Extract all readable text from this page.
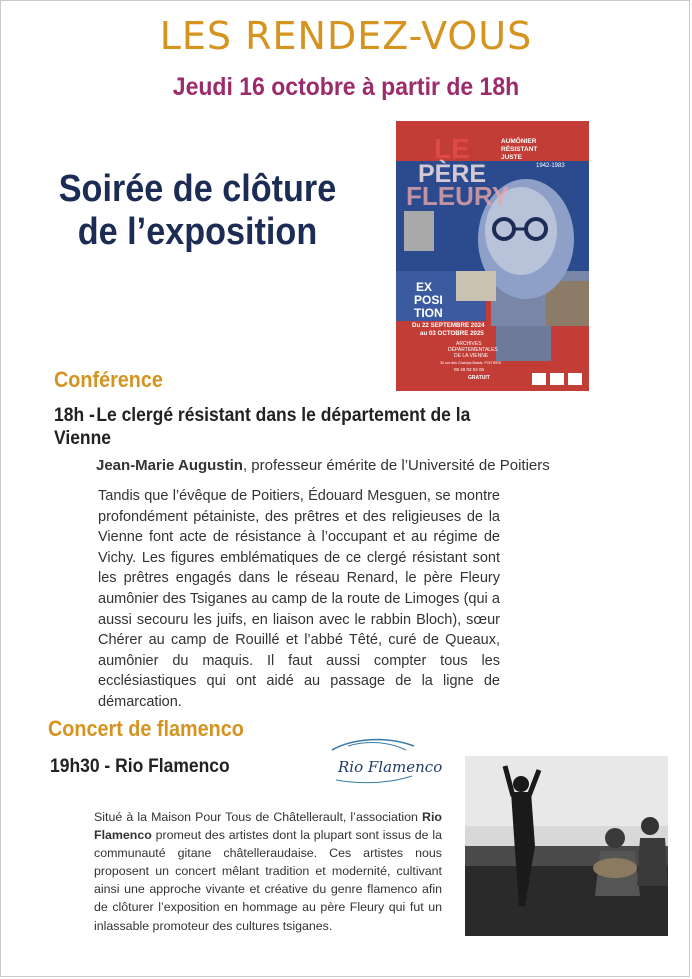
LES RENDEZ-VOUS
Jeudi 16 octobre à partir de 18h
Soirée de clôture
de l’exposition
LE
PÈRE
FLEURY
AUMÔNIER
RÉSISTANT
JUSTE
1942-1983
EX
POSI
TION
Du 22 SEPTEMBRE 2024
au 03 OCTOBRE 2025
ARCHIVES
DÉPARTEMENTALES
DE LA VIENNE
30 rue des Champs-Balais, POITIERS
05 49 03 04 05
GRATUIT
Conférence
18h -Le clergé résistant dans le département de la Vienne
Jean-Marie Augustin, professeur émérite de l’Université de Poitiers
Tandis que l’évêque de Poitiers, Édouard Mesguen, se montre profondément pétainiste, des prêtres et des religieuses de la Vienne font acte de résistance à l’occupant et au régime de Vichy. Les figures emblématiques de ce clergé résistant sont les prêtres engagés dans le réseau Renard, le père Fleury aumônier des Tsiganes au camp de la route de Limoges (qui a aussi secouru les juifs, en liaison avec le rabbin Bloch), sœur Chérer au camp de Rouillé et l’abbé Têté, curé de Queaux, aumônier du maquis. Il faut aussi compter tous les ecclésiastiques qui ont aidé au passage de la ligne de démarcation.
Concert de flamenco
19h30 - Rio Flamenco	Rio Flamenco
Situé à la Maison Pour Tous de Châtellerault, l’association Rio Flamenco promeut des artistes dont la plupart sont issus de la communauté gitane châtelleraudaise. Ces artistes nous proposent un concert mêlant tradition et modernité, cultivant ainsi une approche vivante et créative du genre flamenco afin de clôturer l’exposition en hommage au père Fleury qui fut un inlassable promoteur des cultures tsiganes.
